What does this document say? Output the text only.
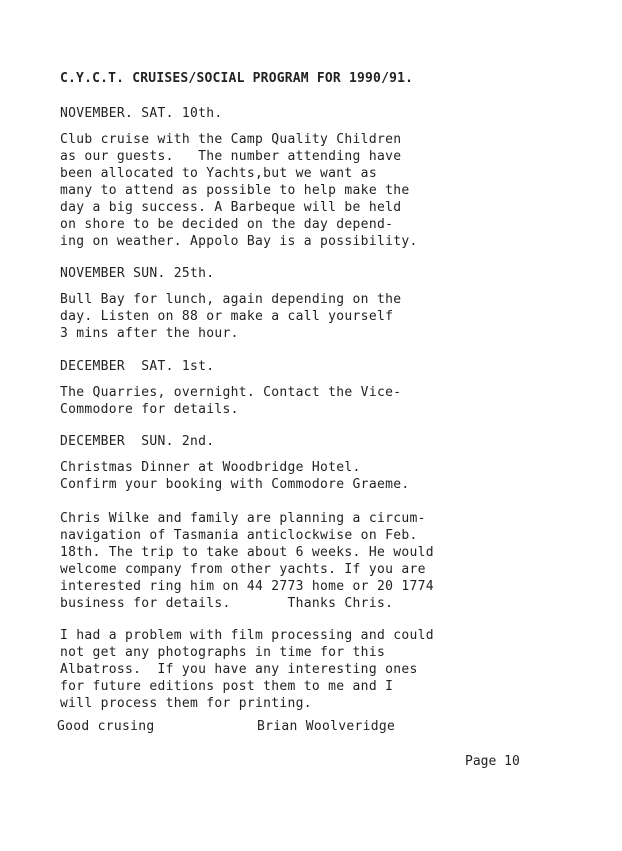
C.Y.C.T. CRUISES/SOCIAL PROGRAM FOR 1990/91.
NOVEMBER. SAT. 10th.
Club cruise with the Camp Quality Children
as our guests.   The number attending have
been allocated to Yachts,but we want as
many to attend as possible to help make the
day a big success. A Barbeque will be held
on shore to be decided on the day depend-
ing on weather. Appolo Bay is a possibility.
NOVEMBER SUN. 25th.
Bull Bay for lunch, again depending on the
day. Listen on 88 or make a call yourself
3 mins after the hour.
DECEMBER  SAT. 1st.
The Quarries, overnight. Contact the Vice-
Commodore for details.
DECEMBER  SUN. 2nd.
Christmas Dinner at Woodbridge Hotel.
Confirm your booking with Commodore Graeme.
Chris Wilke and family are planning a circum-
navigation of Tasmania anticlockwise on Feb.
18th. The trip to take about 6 weeks. He would
welcome company from other yachts. If you are
interested ring him on 44 2773 home or 20 1774
business for details.       Thanks Chris.
I had a problem with film processing and could
not get any photographs in time for this
Albatross.  If you have any interesting ones
for future editions post them to me and I
will process them for printing.
Good crusing	Brian Woolveridge
Page 10
